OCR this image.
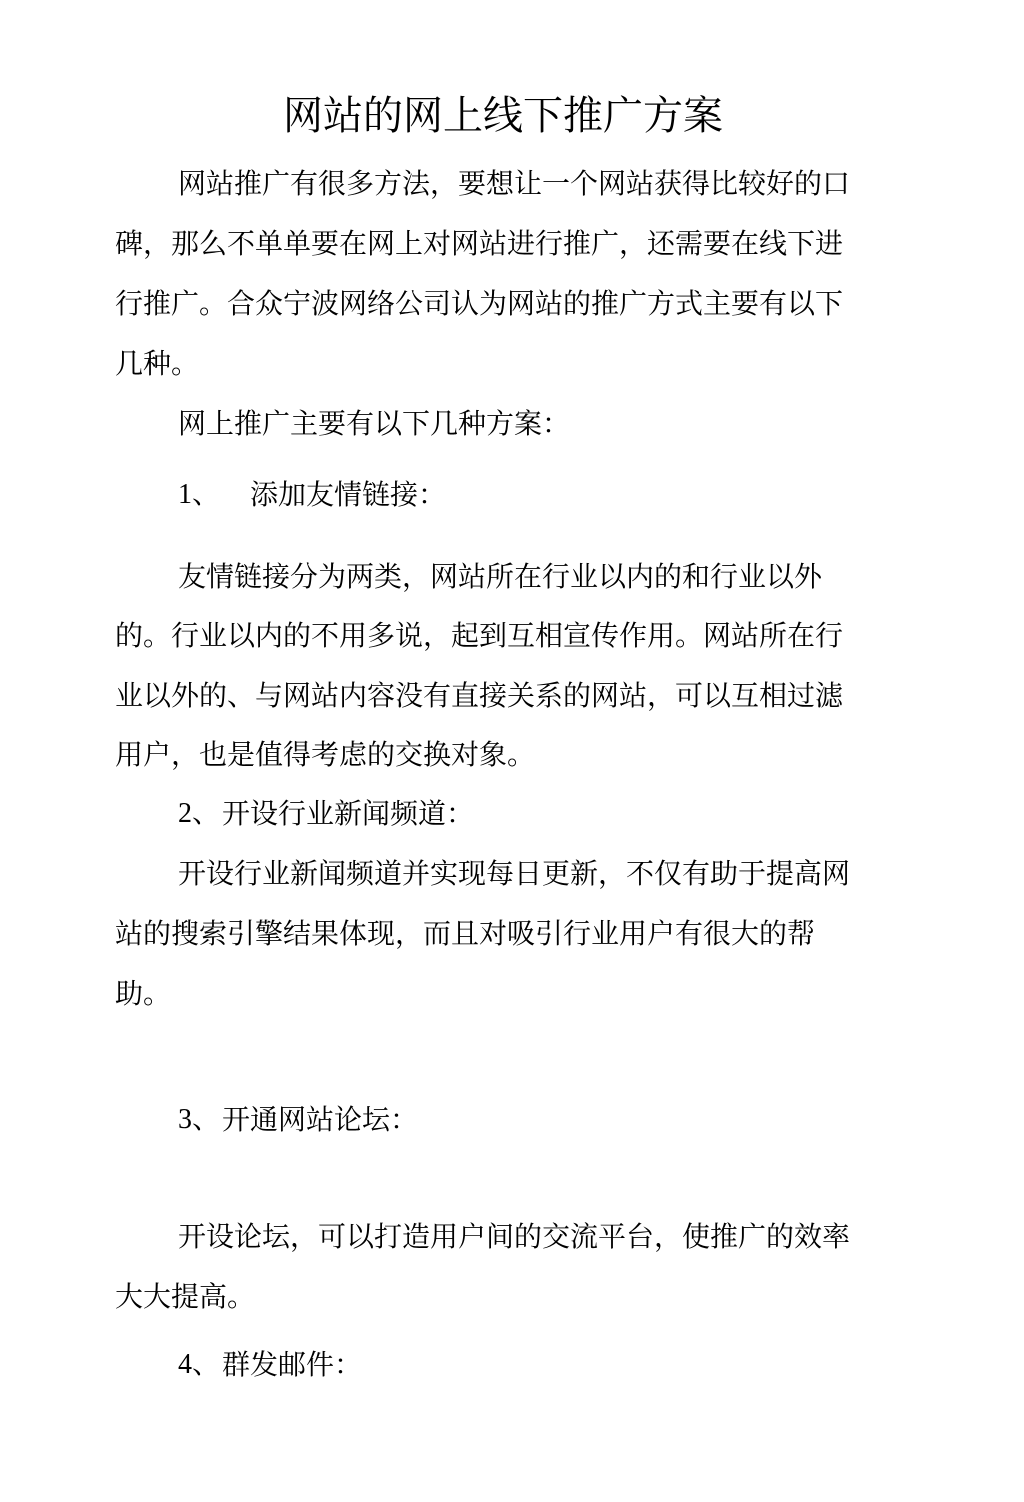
网站的网上线下推广方案
网站推广有很多方法，要想让一个网站获得比较好的口
碑，那么不单单要在网上对网站进行推广，还需要在线下进
行推广。合众宁波网络公司认为网站的推广方式主要有以下
几种。
网上推广主要有以下几种方案：
1、 添加友情链接：
友情链接分为两类，网站所在行业以内的和行业以外
的。行业以内的不用多说，起到互相宣传作用。网站所在行
业以外的、与网站内容没有直接关系的网站，可以互相过滤
用户，也是值得考虑的交换对象。
2、 开设行业新闻频道：
开设行业新闻频道并实现每日更新，不仅有助于提高网
站的搜索引擎结果体现，而且对吸引行业用户有很大的帮
助。
3、 开通网站论坛：
开设论坛，可以打造用户间的交流平台，使推广的效率
大大提高。
4、 群发邮件：
